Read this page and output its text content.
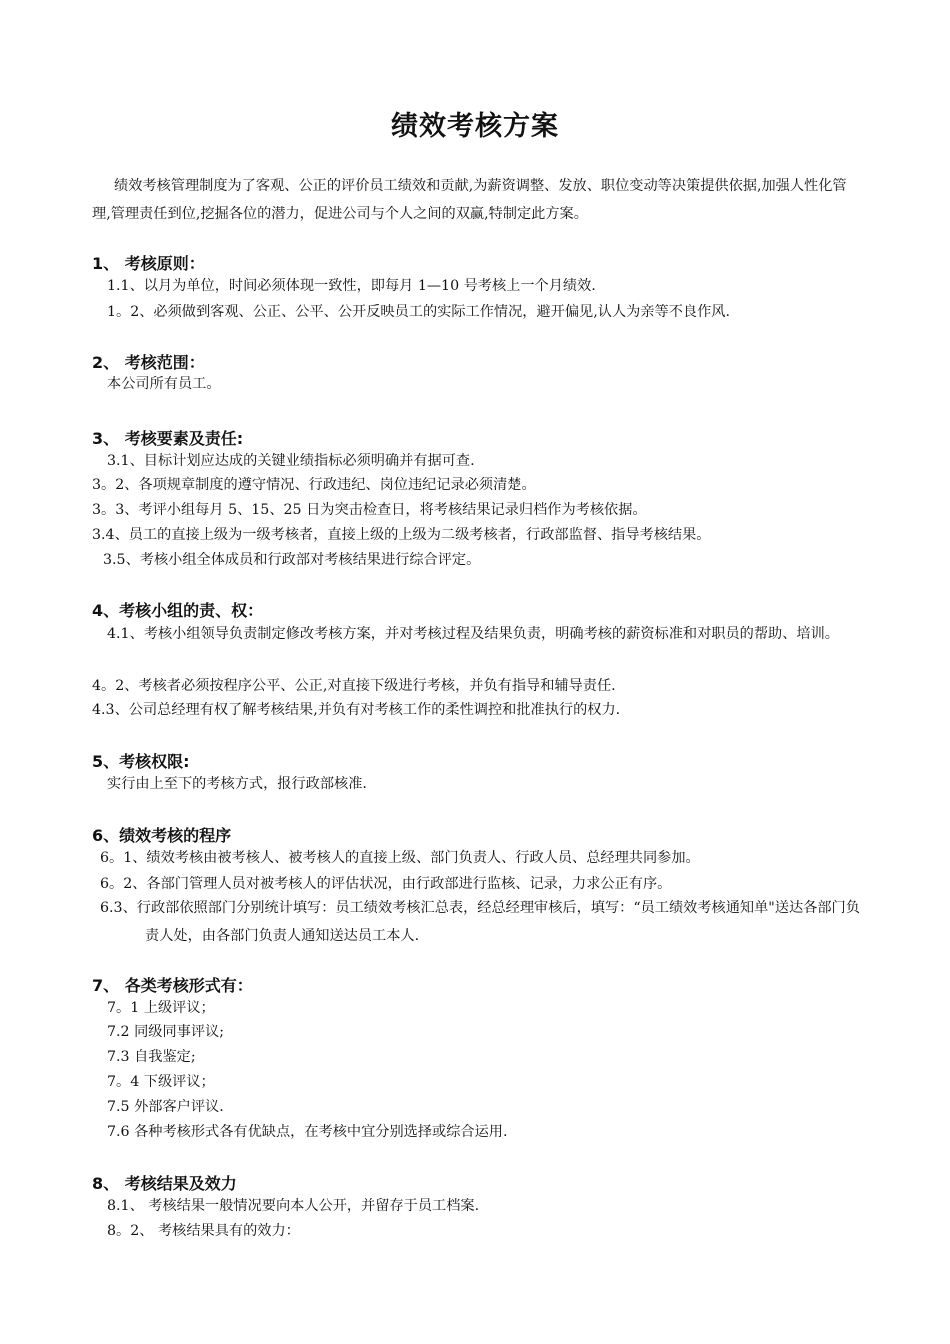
绩效考核方案
绩效考核管理制度为了客观、公正的评价员工绩效和贡献,为薪资调整、发放、职位变动等决策提供依据,加强人性化管理,管理责任到位,挖掘各位的潜力，促进公司与个人之间的双赢,特制定此方案。
1、 考核原则：
1.1、以月为单位，时间必须体现一致性，即每月 1—10 号考核上一个月绩效.
1。2、必须做到客观、公正、公平、公开反映员工的实际工作情况，避开偏见,认人为亲等不良作风.
2、 考核范围：
本公司所有员工。
3、 考核要素及责任:
3.1、目标计划应达成的关键业绩指标必须明确并有据可查.
3。2、各项规章制度的遵守情况、行政违纪、岗位违纪记录必须清楚。
3。3、考评小组每月 5、15、25 日为突击检查日，将考核结果记录归档作为考核依据。
3.4、员工的直接上级为一级考核者，直接上级的上级为二级考核者，行政部监督、指导考核结果。
3.5、考核小组全体成员和行政部对考核结果进行综合评定。
4、考核小组的责、权：
4.1、考核小组领导负责制定修改考核方案，并对考核过程及结果负责，明确考核的薪资标准和对职员的帮助、培训。
4。2、考核者必须按程序公平、公正,对直接下级进行考核，并负有指导和辅导责任.
4.3、公司总经理有权了解考核结果,并负有对考核工作的柔性调控和批准执行的权力.
5、考核权限:
实行由上至下的考核方式，报行政部核准.
6、绩效考核的程序
6。1、绩效考核由被考核人、被考核人的直接上级、部门负责人、行政人员、总经理共同参加。
6。2、各部门管理人员对被考核人的评估状况，由行政部进行监核、记录，力求公正有序。
6.3、行政部依照部门分别统计填写：员工绩效考核汇总表，经总经理审核后，填写：“员工绩效考核通知单"送达各部门负责人处，由各部门负责人通知送达员工本人.
7、 各类考核形式有：
7。1 上级评议；
7.2 同级同事评议;
7.3 自我鉴定;
7。4 下级评议；
7.5 外部客户评议.
7.6 各种考核形式各有优缺点，在考核中宜分别选择或综合运用.
8、 考核结果及效力
8.1、 考核结果一般情况要向本人公开，并留存于员工档案.
8。2、 考核结果具有的效力：
